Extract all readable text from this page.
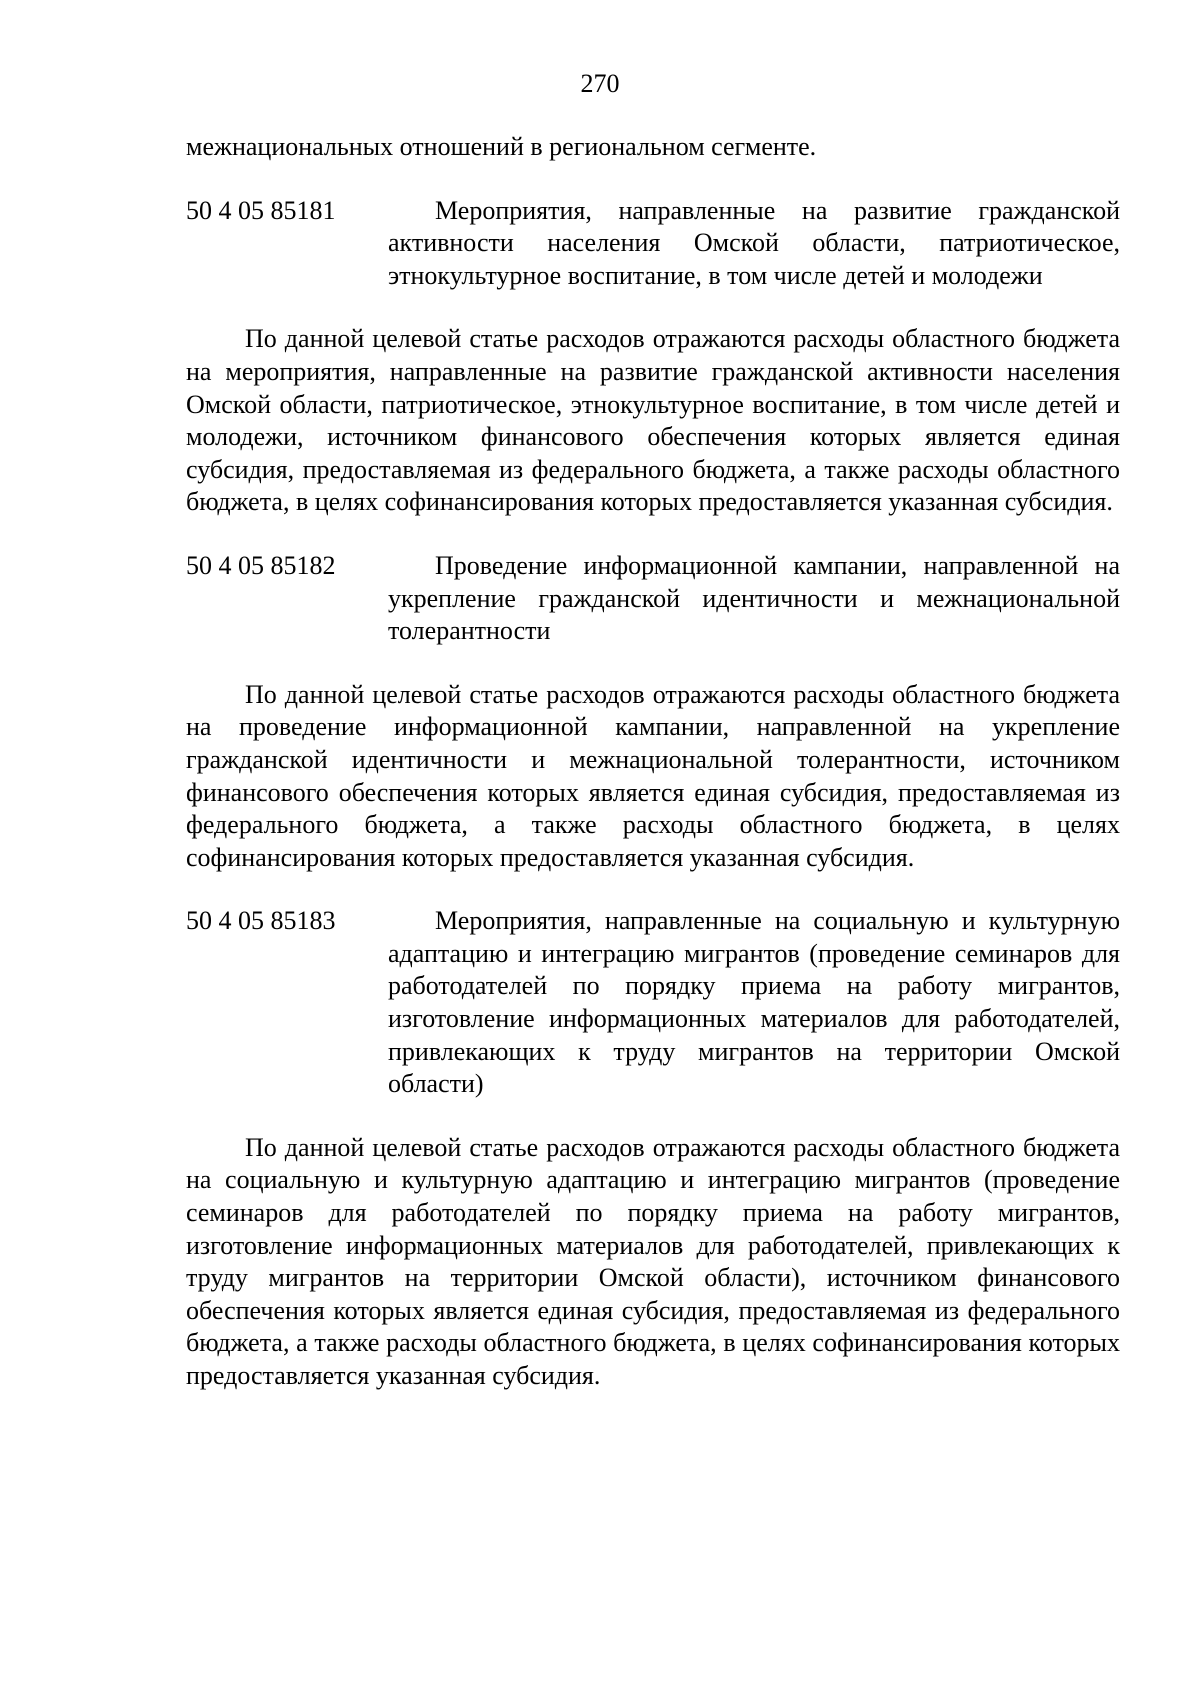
270

межнациональных отношений в региональном сегменте.

50 4 05 85181	Мероприятия, направленные на развитие гражданской активности населения Омской области, патриотическое, этнокультурное воспитание, в том числе детей и молодежи

По данной целевой статье расходов отражаются расходы областного бюджета на мероприятия, направленные на развитие гражданской активности населения Омской области, патриотическое, этнокультурное воспитание, в том числе детей и молодежи, источником финансового обеспечения которых является единая субсидия, предоставляемая из федерального бюджета, а также расходы областного бюджета, в целях софинансирования которых предоставляется указанная субсидия.

50 4 05 85182	Проведение информационной кампании, направленной на укрепление гражданской идентичности и межнациональной толерантности

По данной целевой статье расходов отражаются расходы областного бюджета на проведение информационной кампании, направленной на укрепление гражданской идентичности и межнациональной толерантности, источником финансового обеспечения которых является единая субсидия, предоставляемая из федерального бюджета, а также расходы областного бюджета, в целях софинансирования которых предоставляется указанная субсидия.

50 4 05 85183	Мероприятия, направленные на социальную и культурную адаптацию и интеграцию мигрантов (проведение семинаров для работодателей по порядку приема на работу мигрантов, изготовление информационных материалов для работодателей, привлекающих к труду мигрантов на территории Омской области)

По данной целевой статье расходов отражаются расходы областного бюджета на социальную и культурную адаптацию и интеграцию мигрантов (проведение семинаров для работодателей по порядку приема на работу мигрантов, изготовление информационных материалов для работодателей, привлекающих к труду мигрантов на территории Омской области), источником финансового обеспечения которых является единая субсидия, предоставляемая из федерального бюджета, а также расходы областного бюджета, в целях софинансирования которых предоставляется указанная субсидия.
